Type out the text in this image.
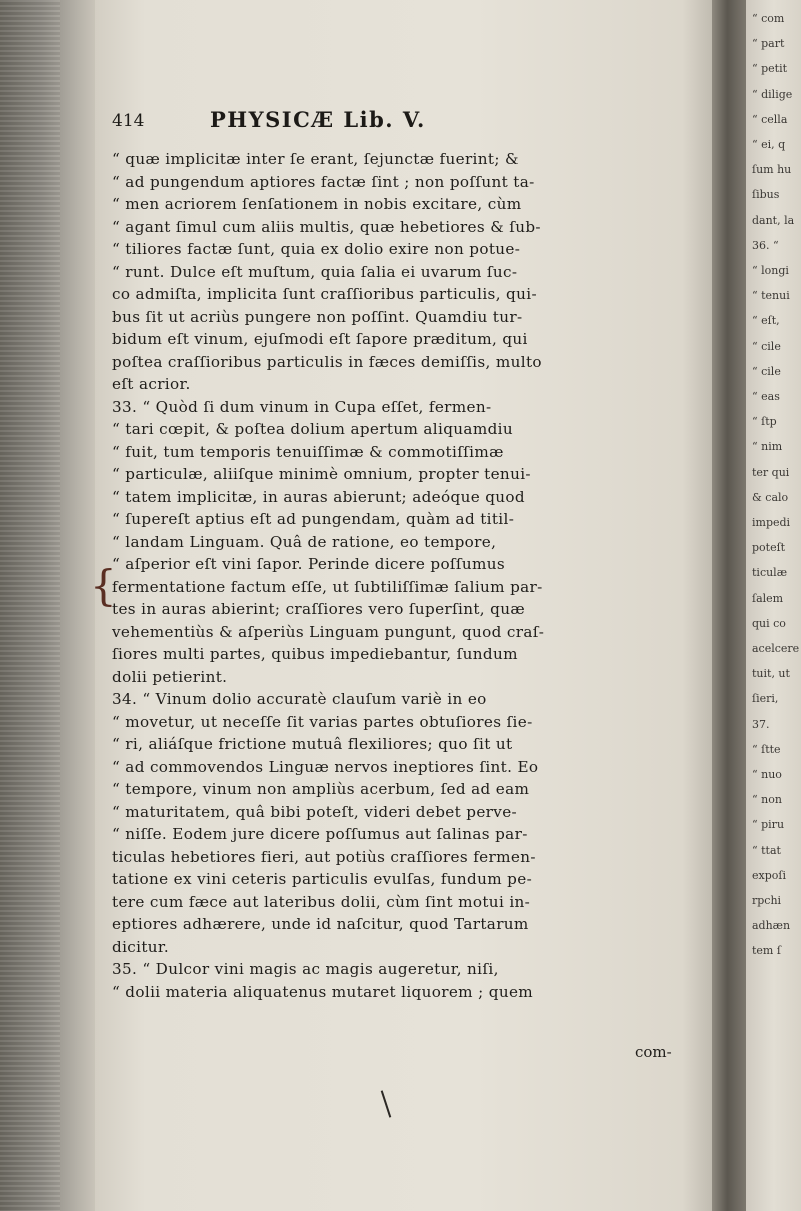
“ com
“ part
“ petit
“ dilige
“ cella
“ ei, q
ſum hu
ſibus
dant, la
36. “
“ longi
“ tenui
“ eſt,
“ cile
“ cile
“ eas
“ ſtp
“ nim
ter qui
& calo
impedi
poteſt
ticulæ
ſalem
qui co
acelcere
tuit, ut
ſieri,
37.
“ ſtte
“ nuo
“ non
“ piru
“ ttat
expoſi
rpchi
adhæn
tem ſ
{
414	PHYSICÆ Lib. V.
“ quæ implicitæ inter ſe erant, ſejunctæ fuerint; &
“ ad pungendum aptiores factæ ſint ; non poſſunt ta-
“ men acriorem ſenſationem in nobis excitare, cùm
“ agant ſimul cum aliis multis, quæ hebetiores & ſub-
“ tiliores factæ ſunt, quia ex dolio exire non potue-
“ runt. Dulce eſt muſtum, quia ſalia ei uvarum ſuc-
co admiſta, implicita ſunt craſſioribus particulis, qui-
bus ſit ut acriùs pungere non poſſint. Quamdiu tur-
bidum eſt vinum, ejuſmodi eſt ſapore præditum, qui
poſtea craſſioribus particulis in fæces demiſſis, multo
eſt acrior.
33. “ Quòd ſi dum vinum in Cupa eſſet, fermen-
“ tari cœpit, & poſtea dolium apertum aliquamdiu
“ fuit, tum temporis tenuiſſimæ & commotiſſimæ
“ particulæ, aliiſque minimè omnium, propter tenui-
“ tatem implicitæ, in auras abierunt; adeóque quod
“ ſupereſt aptius eſt ad pungendam, quàm ad titil-
“ landam Linguam. Quâ de ratione, eo tempore,
“ aſperior eſt vini ſapor. Perinde dicere poſſumus
fermentatione factum eſſe, ut ſubtiliſſimæ ſalium par-
tes in auras abierint; craſſiores vero ſuperſint, quæ
vehementiùs & aſperiùs Linguam pungunt, quod craſ-
ſiores multi partes, quibus impediebantur, ſundum
dolii petierint.
34. “ Vinum dolio accuratè clauſum variè in eo
“ movetur, ut neceſſe ſit varias partes obtuſiores ſie-
“ ri, aliáſque frictione mutuâ flexiliores; quo ſit ut
“ ad commovendos Linguæ nervos ineptiores ſint. Eo
“ tempore, vinum non ampliùs acerbum, ſed ad eam
“ maturitatem, quâ bibi poteſt, videri debet perve-
“ niſſe. Eodem jure dicere poſſumus aut ſalinas par-
ticulas hebetiores fieri, aut potiùs craſſiores fermen-
tatione ex vini ceteris particulis evulſas, fundum pe-
tere cum fæce aut lateribus dolii, cùm ſint motui in-
eptiores adhærere, unde id naſcitur, quod Tartarum
dicitur.
35. “ Dulcor vini magis ac magis augeretur, niſi,
“ dolii materia aliquatenus mutaret liquorem ; quem
com-
